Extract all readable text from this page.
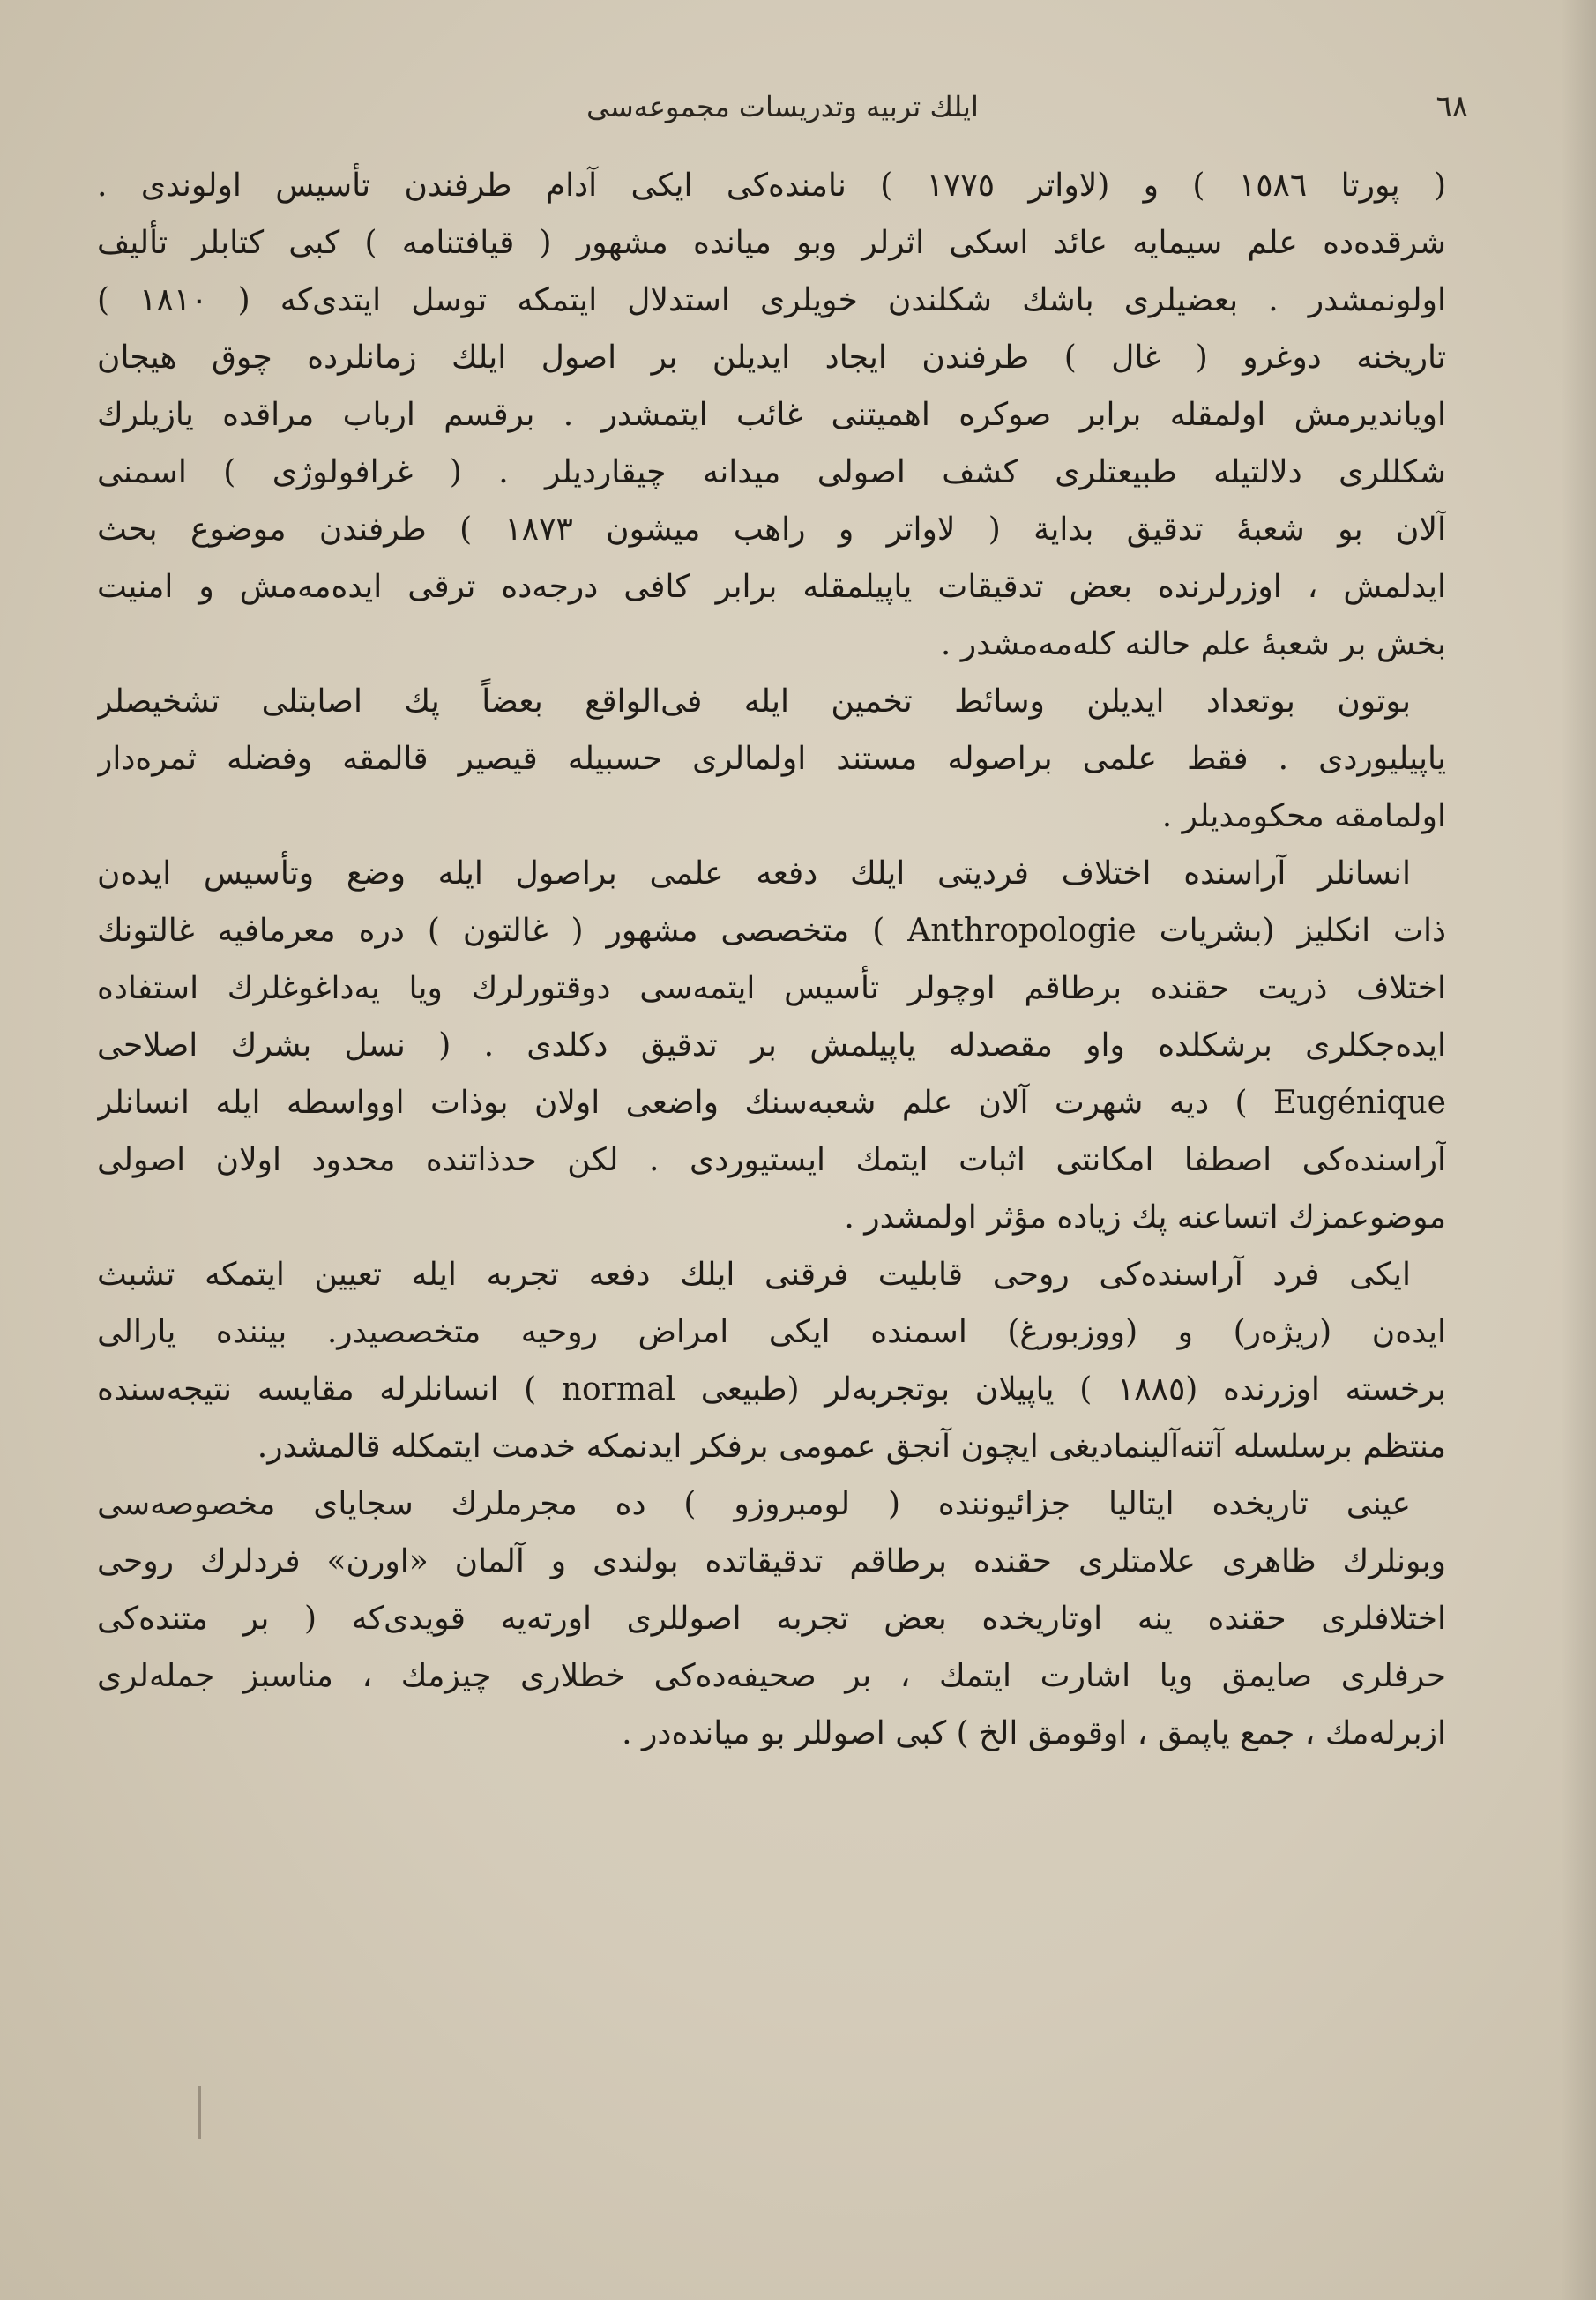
٦٨
ایلك تربیه وتدریسات مجموعه‌سی
( پورتا ١٥٨٦ ) و (لاواتر ١٧٧٥ ) نامنده‌كی ایكی آدام طرفندن تأسیس اولوندی .
شرقده‌ده علم سیمایه عائد اسكی اثرلر وبو میانده مشهور ( قیافتنامه ) كبی كتابلر تألیف
اولونمشدر . بعضیلری باشك شكلندن خویلری استدلال ایتمكه توسل ایتدی‌كه ( ١٨١٠ )
تاریخنه دوغرو ( غال ) طرفندن ایجاد ایدیلن بر اصول ایلك زمانلرده چوق هیجان
اویاندیرمش اولمقله برابر صوكره اهمیتنی غائب ایتمشدر . برقسم ارباب مراقده یازیلرك
شكللری دلالتیله طبیعتلری كشف اصولی میدانه چیقاردیلر . ( غرافولوژی ) اسمنی
آلان بو شعبهٔ تدقیق بدایة ( لاواتر و راهب میشون ١٨٧٣ ) طرفندن موضوع بحث
ایدلمش ، اوزرلرنده بعض تدقیقات یاپیلمقله برابر كافی درجه‌ده ترقی ایده‌مه‌مش و امنیت
بخش بر شعبهٔ علم حالنه كله‌مه‌مشدر .
بوتون بوتعداد ایدیلن وسائط تخمین ایله فی‌الواقع بعضاً پك اصابتلی تشخیصلر
یاپیلیوردی . فقط علمی براصوله مستند اولمالری حسبیله قیصیر قالمقه وفضله ثمره‌دار
اولمامقه محكومدیلر .
انسانلر آراسنده اختلاف فردیتی ایلك دفعه علمی براصول ایله وضع وتأسیس ایده‌ن
ذات انكلیز (بشریات Anthropologie ) متخصصی مشهور ( غالتون ) دره معرمافیه غالتونك
اختلاف ذریت حقنده برطاقم اوچولر تأسیس ایتمه‌سی دوقتورلرك ویا یه‌داغوغلرك استفاده
ایده‌جكلری برشكلده واو مقصدله یاپیلمش بر تدقیق دكلدی . ( نسل بشرك اصلاحی
Eugénique ) دیه شهرت آلان علم شعبه‌سنك واضعی اولان بوذات اوواسطه ایله انسانلر
آراسنده‌كی اصطفا امكانتی اثبات ایتمك ایستیوردی . لكن حدذاتنده محدود اولان اصولی
موضوعمزك اتساعنه پك زیاده مؤثر اولمشدر .
ایكی فرد آراسنده‌كی روحی قابلیت فرقنی ایلك دفعه تجربه ایله تعیین ایتمكه تشبث
ایده‌ن (ریژه‌ر) و (ووزبورغ) اسمنده ایكی امراض روحیه متخصصیدر. بیننده یارالی
برخسته اوزرنده (١٨٨٥ ) یاپیلان بوتجربه‌لر (طبیعی normal ) انسانلرله مقایسه نتیجه‌سنده
منتظم برسلسله آتنه‌آلینمادیغی ایچون آنجق عمومی برفكر ایدنمكه خدمت ایتمكله قالمشدر.
عینی تاریخده ایتالیا جزائیوننده ( لومبروزو ) ده مجرملرك سجایای مخصوصه‌سی
وبونلرك ظاهری علامتلری حقنده برطاقم تدقیقاتده بولندی و آلمان «اورن» فردلرك روحی
اختلافلری حقنده ینه اوتاریخده بعض تجربه اصوللری اورته‌یه قویدی‌كه ( بر متنده‌كی
حرفلری صایمق ویا اشارت ایتمك ، بر صحیفه‌ده‌كی خطلاری چیزمك ، مناسبز جمله‌لری
ازبرله‌مك ، جمع یاپمق ، اوقومق الخ ) كبی اصوللر بو میانده‌در .
